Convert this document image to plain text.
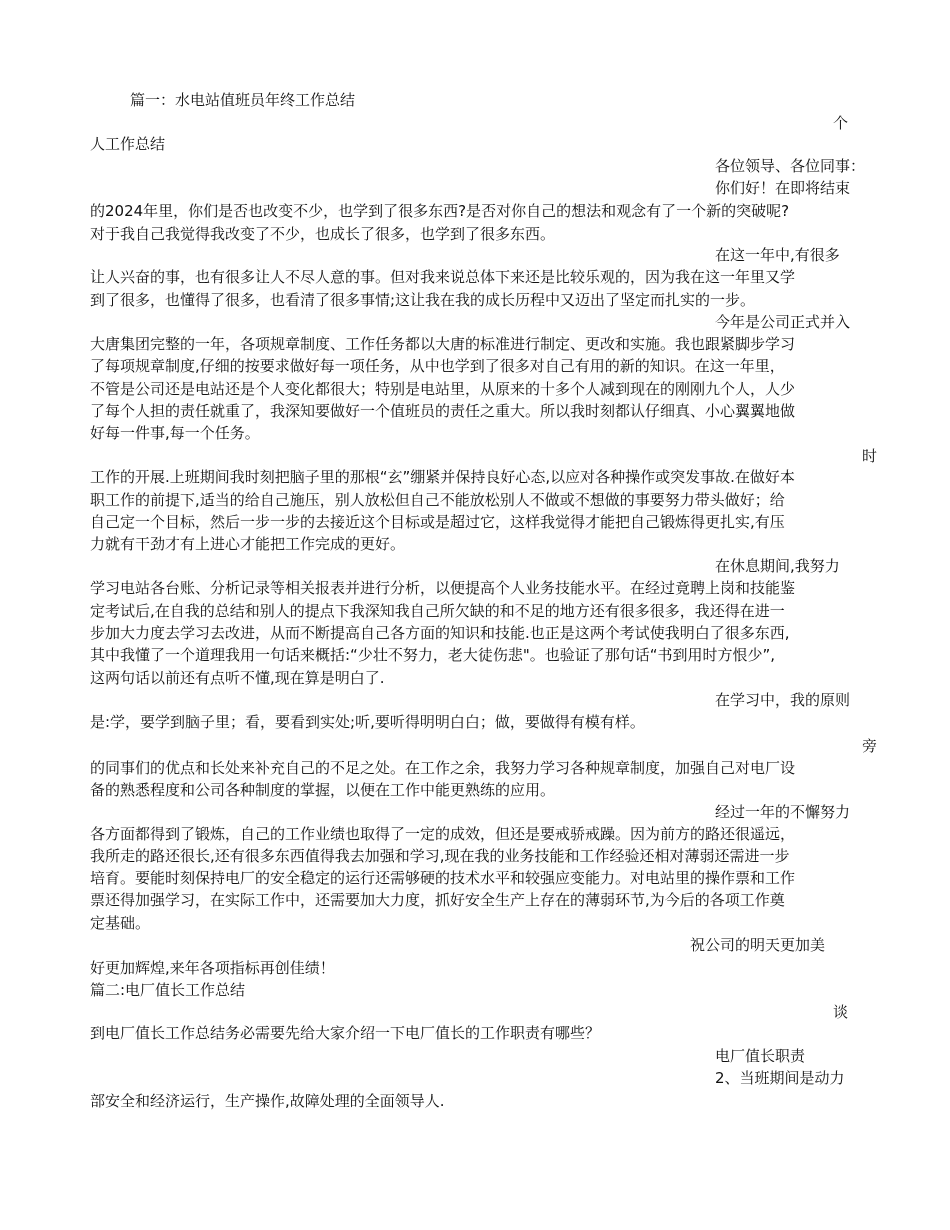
篇一：水电站值班员年终工作总结
个
人工作总结
各位领导、各位同事：
你们好！在即将结束
的2024年里，你们是否也改变不少，也学到了很多东西?是否对你自己的想法和观念有了一个新的突破呢?
对于我自己我觉得我改变了不少，也成长了很多，也学到了很多东西。
在这一年中,有很多
让人兴奋的事，也有很多让人不尽人意的事。但对我来说总体下来还是比较乐观的，因为我在这一年里又学
到了很多，也懂得了很多，也看清了很多事情;这让我在我的成长历程中又迈出了坚定而扎实的一步。
今年是公司正式并入
大唐集团完整的一年，各项规章制度、工作任务都以大唐的标准进行制定、更改和实施。我也跟紧脚步学习
了每项规章制度,仔细的按要求做好每一项任务，从中也学到了很多对自己有用的新的知识。在这一年里，
不管是公司还是电站还是个人变化都很大；特别是电站里，从原来的十多个人减到现在的刚刚九个人，人少
了每个人担的责任就重了，我深知要做好一个值班员的责任之重大。所以我时刻都认仔细真、小心翼翼地做
好每一件事,每一个任务。
时
工作的开展.上班期间我时刻把脑子里的那根“玄”绷紧并保持良好心态,以应对各种操作或突发事故.在做好本
职工作的前提下,适当的给自己施压，别人放松但自己不能放松别人不做或不想做的事要努力带头做好；给
自己定一个目标，然后一步一步的去接近这个目标或是超过它，这样我觉得才能把自己锻炼得更扎实,有压
力就有干劲才有上进心才能把工作完成的更好。
在休息期间,我努力
学习电站各台账、分析记录等相关报表并进行分析，以便提高个人业务技能水平。在经过竟聘上岗和技能鉴
定考试后,在自我的总结和别人的提点下我深知我自己所欠缺的和不足的地方还有很多很多，我还得在进一
步加大力度去学习去改进，从而不断提高自己各方面的知识和技能.也正是这两个考试使我明白了很多东西,
其中我懂了一个道理我用一句话来概括:“少壮不努力，老大徒伤悲"。也验证了那句话“书到用时方恨少”,
这两句话以前还有点听不懂,现在算是明白了.
在学习中，我的原则
是:学，要学到脑子里；看，要看到实处;听,要听得明明白白；做，要做得有模有样。
旁
的同事们的优点和长处来补充自己的不足之处。在工作之余，我努力学习各种规章制度，加强自己对电厂设
备的熟悉程度和公司各种制度的掌握，以便在工作中能更熟练的应用。
经过一年的不懈努力
各方面都得到了锻炼，自己的工作业绩也取得了一定的成效，但还是要戒骄戒躁。因为前方的路还很遥远，
我所走的路还很长,还有很多东西值得我去加强和学习,现在我的业务技能和工作经验还相对薄弱还需进一步
培育。要能时刻保持电厂的安全稳定的运行还需够硬的技术水平和较强应变能力。对电站里的操作票和工作
票还得加强学习，在实际工作中，还需要加大力度，抓好安全生产上存在的薄弱环节,为今后的各项工作奠
定基础。
祝公司的明天更加美
好更加辉煌,来年各项指标再创佳绩！
篇二:电厂值长工作总结
谈
到电厂值长工作总结务必需要先给大家介绍一下电厂值长的工作职责有哪些？
电厂值长职责
2、当班期间是动力
部安全和经济运行，生产操作,故障处理的全面领导人.
